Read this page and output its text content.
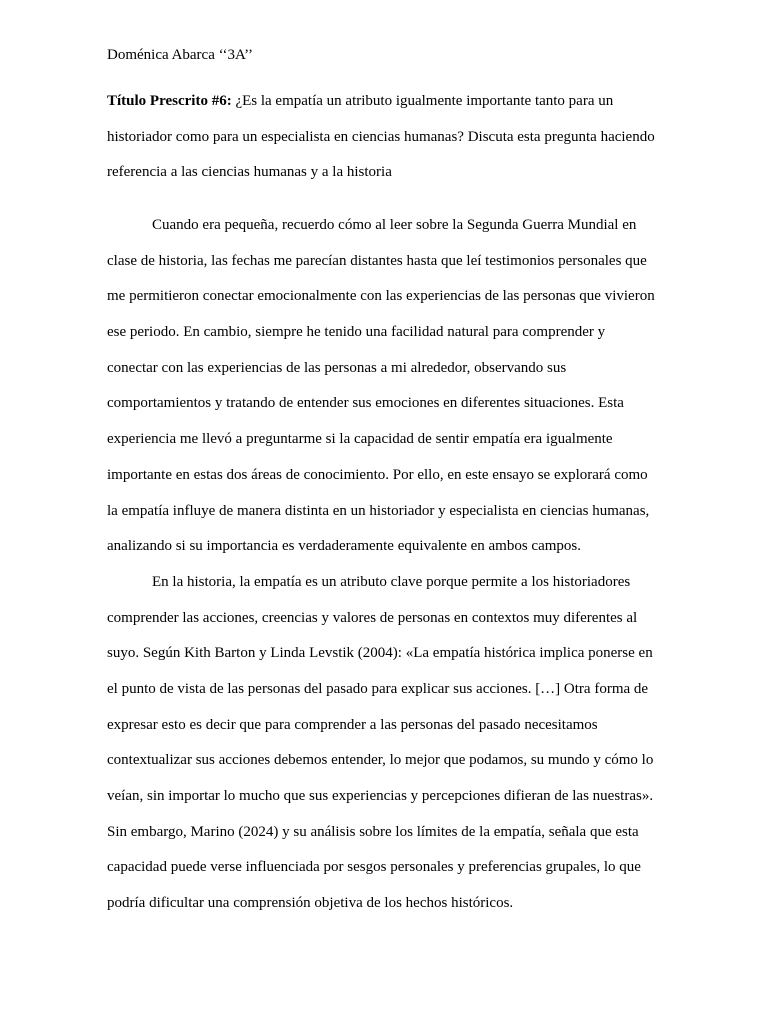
Doménica Abarca ‘‘3A’’
Título Prescrito #6: ¿Es la empatía un atributo igualmente importante tanto para un
historiador como para un especialista en ciencias humanas? Discuta esta pregunta haciendo
referencia a las ciencias humanas y a la historia
Cuando era pequeña, recuerdo cómo al leer sobre la Segunda Guerra Mundial en
clase de historia, las fechas me parecían distantes hasta que leí testimonios personales que
me permitieron conectar emocionalmente con las experiencias de las personas que vivieron
ese periodo. En cambio, siempre he tenido una facilidad natural para comprender y
conectar con las experiencias de las personas a mi alrededor, observando sus
comportamientos y tratando de entender sus emociones en diferentes situaciones. Esta
experiencia me llevó a preguntarme si la capacidad de sentir empatía era igualmente
importante en estas dos áreas de conocimiento. Por ello, en este ensayo se explorará como
la empatía influye de manera distinta en un historiador y especialista en ciencias humanas,
analizando si su importancia es verdaderamente equivalente en ambos campos.
En la historia, la empatía es un atributo clave porque permite a los historiadores
comprender las acciones, creencias y valores de personas en contextos muy diferentes al
suyo. Según Kith Barton y Linda Levstik (2004): «La empatía histórica implica ponerse en
el punto de vista de las personas del pasado para explicar sus acciones. […] Otra forma de
expresar esto es decir que para comprender a las personas del pasado necesitamos
contextualizar sus acciones debemos entender, lo mejor que podamos, su mundo y cómo lo
veían, sin importar lo mucho que sus experiencias y percepciones difieran de las nuestras».
Sin embargo, Marino (2024) y su análisis sobre los límites de la empatía, señala que esta
capacidad puede verse influenciada por sesgos personales y preferencias grupales, lo que
podría dificultar una comprensión objetiva de los hechos históricos.
